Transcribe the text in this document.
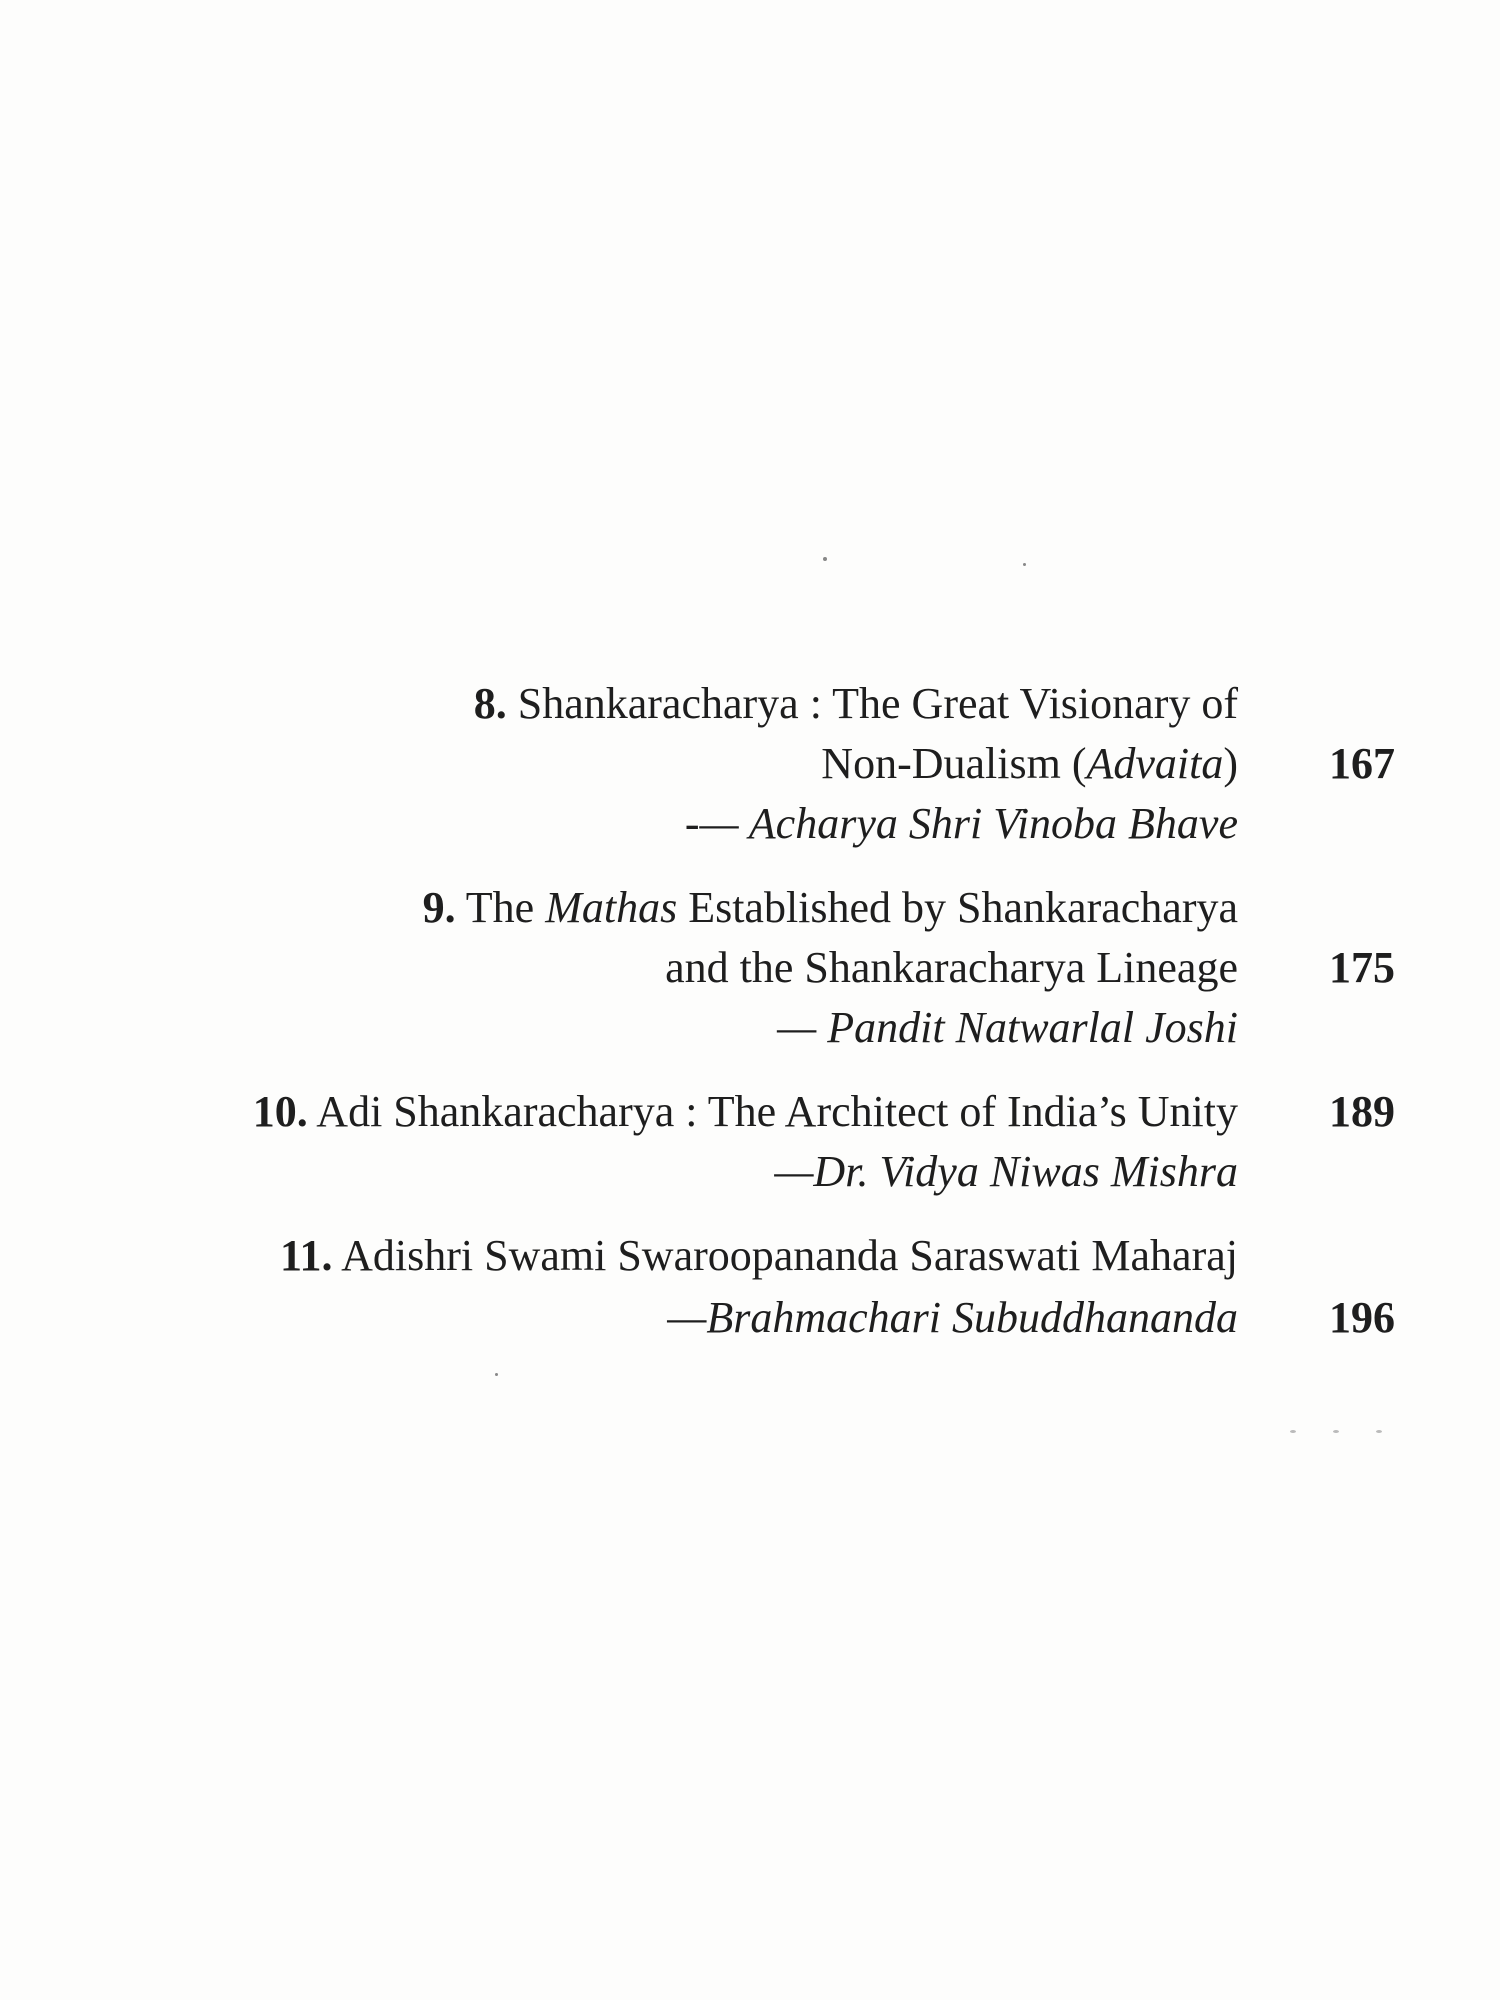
8. Shankaracharya : The Great Visionary of
Non-Dualism (Advaita)	167
-— Acharya Shri Vinoba Bhave
9. The Mathas Established by Shankaracharya
and the Shankaracharya Lineage	175
— Pandit Natwarlal Joshi
10. Adi Shankaracharya : The Architect of India’s Unity	189
—Dr. Vidya Niwas Mishra
11. Adishri Swami Swaroopananda Saraswati Maharaj
—Brahmachari Subuddhananda	196
